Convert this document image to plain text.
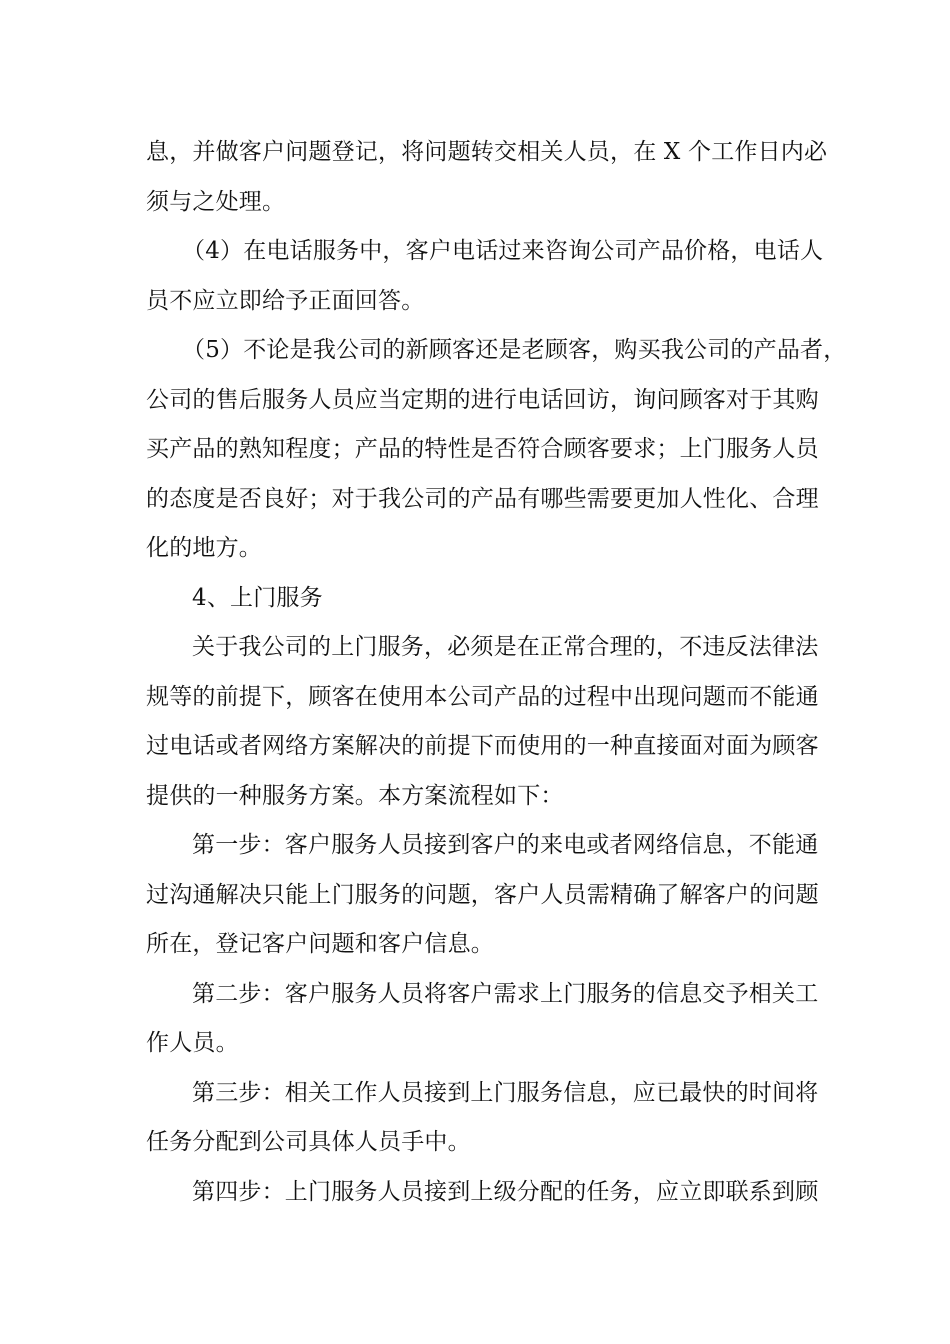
息，并做客户问题登记，将问题转交相关人员，在 X 个工作日内必
须与之处理。
（4）在电话服务中，客户电话过来咨询公司产品价格，电话人
员不应立即给予正面回答。
（5）不论是我公司的新顾客还是老顾客，购买我公司的产品者，
公司的售后服务人员应当定期的进行电话回访，询问顾客对于其购
买产品的熟知程度；产品的特性是否符合顾客要求；上门服务人员
的态度是否良好；对于我公司的产品有哪些需要更加人性化、合理
化的地方。
4、上门服务
关于我公司的上门服务，必须是在正常合理的，不违反法律法
规等的前提下，顾客在使用本公司产品的过程中出现问题而不能通
过电话或者网络方案解决的前提下而使用的一种直接面对面为顾客
提供的一种服务方案。本方案流程如下：
第一步：客户服务人员接到客户的来电或者网络信息，不能通
过沟通解决只能上门服务的问题，客户人员需精确了解客户的问题
所在，登记客户问题和客户信息。
第二步：客户服务人员将客户需求上门服务的信息交予相关工
作人员。
第三步：相关工作人员接到上门服务信息，应已最快的时间将
任务分配到公司具体人员手中。
第四步：上门服务人员接到上级分配的任务，应立即联系到顾
